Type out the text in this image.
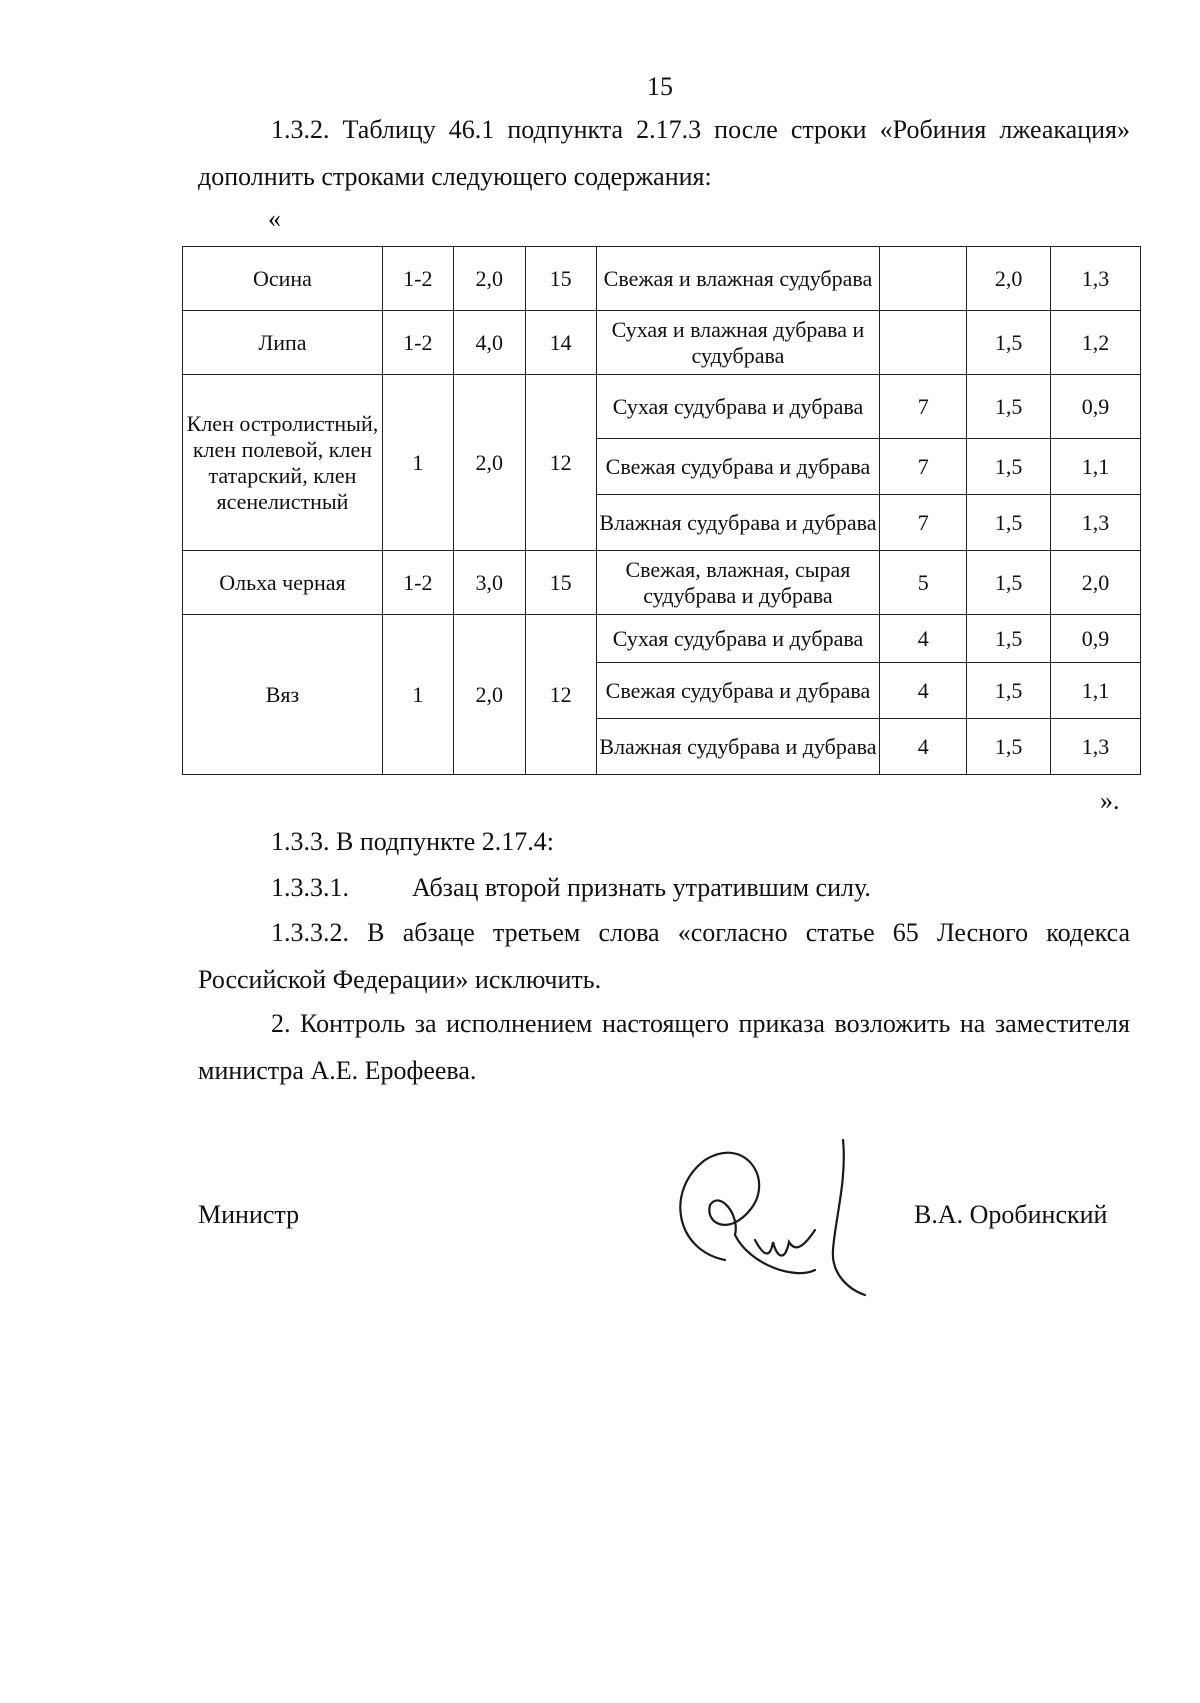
15

1.3.2. Таблицу 46.1 подпункта 2.17.3 после строки «Робиния лжеакация» дополнить строками следующего содержания:

«
Осина	1-2	2,0	15	Свежая и влажная судубрава		2,0	1,3
Липа	1-2	4,0	14	Сухая и влажная дубрава и судубрава		1,5	1,2
Клен остролистный, клен полевой, клен татарский, клен ясенелистный	1	2,0	12	Сухая судубрава и дубрава	7	1,5	0,9
				Свежая судубрава и дубрава	7	1,5	1,1
				Влажная судубрава и дубрава	7	1,5	1,3
Ольха черная	1-2	3,0	15	Свежая, влажная, сырая судубрава и дубрава	5	1,5	2,0
Вяз	1	2,0	12	Сухая судубрава и дубрава	4	1,5	0,9
				Свежая судубрава и дубрава	4	1,5	1,1
				Влажная судубрава и дубрава	4	1,5	1,3
».
1.3.3. В подпункте 2.17.4:
1.3.3.1. Абзац второй признать утратившим силу.

1.3.3.2. В абзаце третьем слова «согласно статье 65 Лесного кодекса Российской Федерации» исключить.

2. Контроль за исполнением настоящего приказа возложить на заместителя министра А.Е. Ерофеева.

Министр	В.А. Оробинский
